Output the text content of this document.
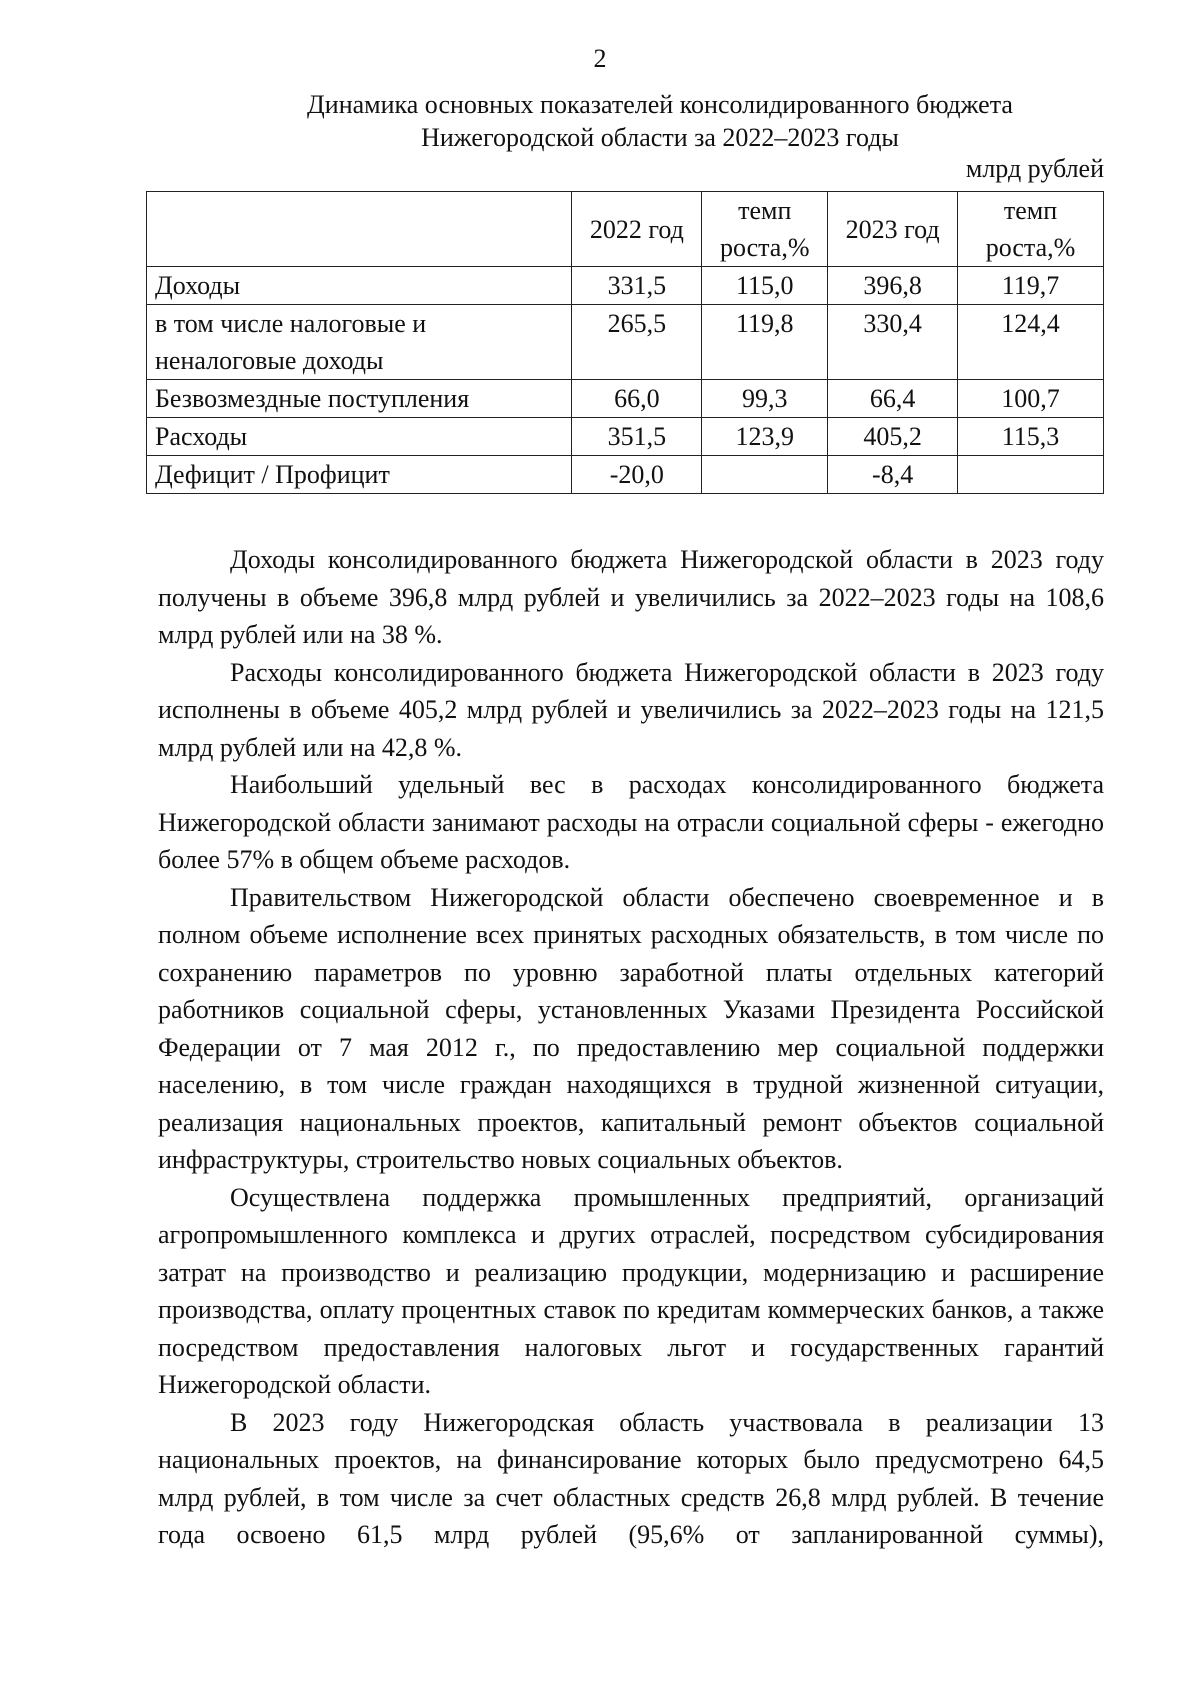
2
Динамика основных показателей консолидированного бюджета
Нижегородской области за 2022–2023 годы
млрд рублей
	2022 год	темп роста,%	2023 год	темп роста,%
Доходы	331,5	115,0	396,8	119,7
в том числе налоговые и неналоговые доходы	265,5	119,8	330,4	124,4
Безвозмездные поступления	66,0	99,3	66,4	100,7
Расходы	351,5	123,9	405,2	115,3
Дефицит / Профицит	-20,0		-8,4	

Доходы консолидированного бюджета Нижегородской области в 2023 году получены в объеме 396,8 млрд рублей и увеличились за 2022–2023 годы на 108,6 млрд рублей или на 38 %.

Расходы консолидированного бюджета Нижегородской области в 2023 году исполнены в объеме 405,2 млрд рублей и увеличились за 2022–2023 годы на 121,5 млрд рублей или на 42,8 %.

Наибольший удельный вес в расходах консолидированного бюджета Нижегородской области занимают расходы на отрасли социальной сферы - ежегодно более 57% в общем объеме расходов.

Правительством Нижегородской области обеспечено своевременное и в полном объеме исполнение всех принятых расходных обязательств, в том числе по сохранению параметров по уровню заработной платы отдельных категорий работников социальной сферы, установленных Указами Президента Российской Федерации от 7 мая 2012 г., по предоставлению мер социальной поддержки населению, в том числе граждан находящихся в трудной жизненной ситуации, реализация национальных проектов, капитальный ремонт объектов социальной инфраструктуры, строительство новых социальных объектов.

Осуществлена поддержка промышленных предприятий, организаций агропромышленного комплекса и других отраслей, посредством субсидирования затрат на производство и реализацию продукции, модернизацию и расширение производства, оплату процентных ставок по кредитам коммерческих банков, а также посредством предоставления налоговых льгот и государственных гарантий Нижегородской области.

В 2023 году Нижегородская область участвовала в реализации 13 национальных проектов, на финансирование которых было предусмотрено 64,5 млрд рублей, в том числе за счет областных средств 26,8 млрд рублей. В течение года освоено 61,5 млрд рублей (95,6% от запланированной суммы),
